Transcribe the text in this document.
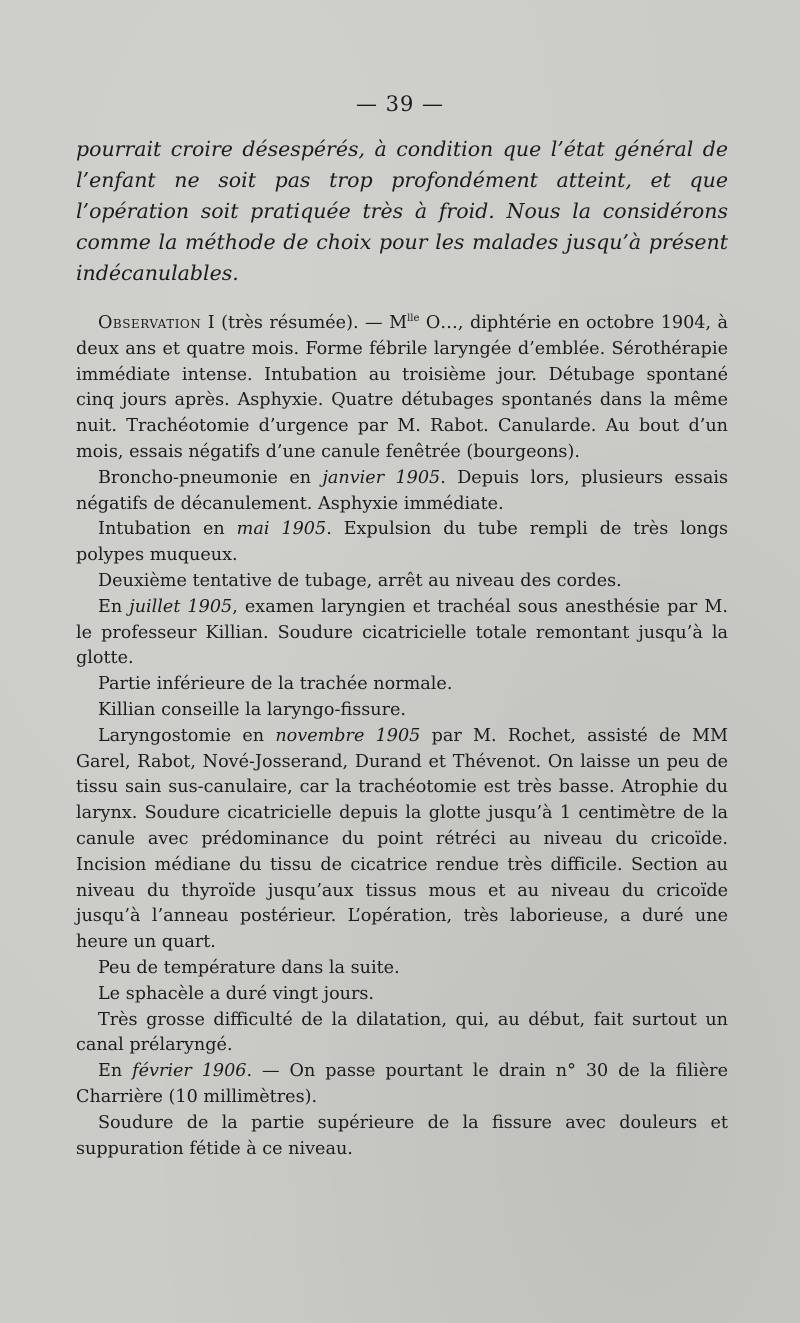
— 39 —
pourrait croire désespérés, à condition que l’état général de l’enfant ne soit pas trop profondément atteint, et que l’opération soit pratiquée très à froid. Nous la considérons comme la méthode de choix pour les malades jusqu’à présent indécanulables.

Observation I (très résumée). — $M^{lle}$ O…, diphtérie en octobre 1904, à deux ans et quatre mois. Forme fébrile laryngée d’emblée. Sérothérapie immédiate intense. Intubation au troisième jour. Détubage spontané cinq jours après. Asphyxie. Quatre détubages spontanés dans la même nuit. Trachéotomie d’urgence par M. Rabot. Canularde. Au bout d’un mois, essais négatifs d’une canule fenêtrée (bourgeons).

Broncho-pneumonie en janvier 1905. Depuis lors, plusieurs essais négatifs de décanulement. Asphyxie immédiate.

Intubation en mai 1905. Expulsion du tube rempli de très longs polypes muqueux.

Deuxième tentative de tubage, arrêt au niveau des cordes.

En juillet 1905, examen laryngien et trachéal sous anesthésie par M. le professeur Killian. Soudure cicatricielle totale remontant jusqu’à la glotte.

Partie inférieure de la trachée normale.

Killian conseille la laryngo-fissure.

Laryngostomie en novembre 1905 par M. Rochet, assisté de MM Garel, Rabot, Nové-Josserand, Durand et Thévenot. On laisse un peu de tissu sain sus-canulaire, car la trachéotomie est très basse. Atrophie du larynx. Soudure cicatricielle depuis la glotte jusqu’à 1 centimètre de la canule avec prédominance du point rétréci au niveau du cricoïde. Incision médiane du tissu de cicatrice rendue très difficile. Section au niveau du thyroïde jusqu’aux tissus mous et au niveau du cricoïde jusqu’à l’anneau postérieur. L’opération, très laborieuse, a duré une heure un quart.

Peu de température dans la suite.

Le sphacèle a duré vingt jours.

Très grosse difficulté de la dilatation, qui, au début, fait surtout un canal prélaryngé.

En février 1906. — On passe pourtant le drain n° 30 de la filière Charrière (10 millimètres).

Soudure de la partie supérieure de la fissure avec douleurs et suppuration fétide à ce niveau.
